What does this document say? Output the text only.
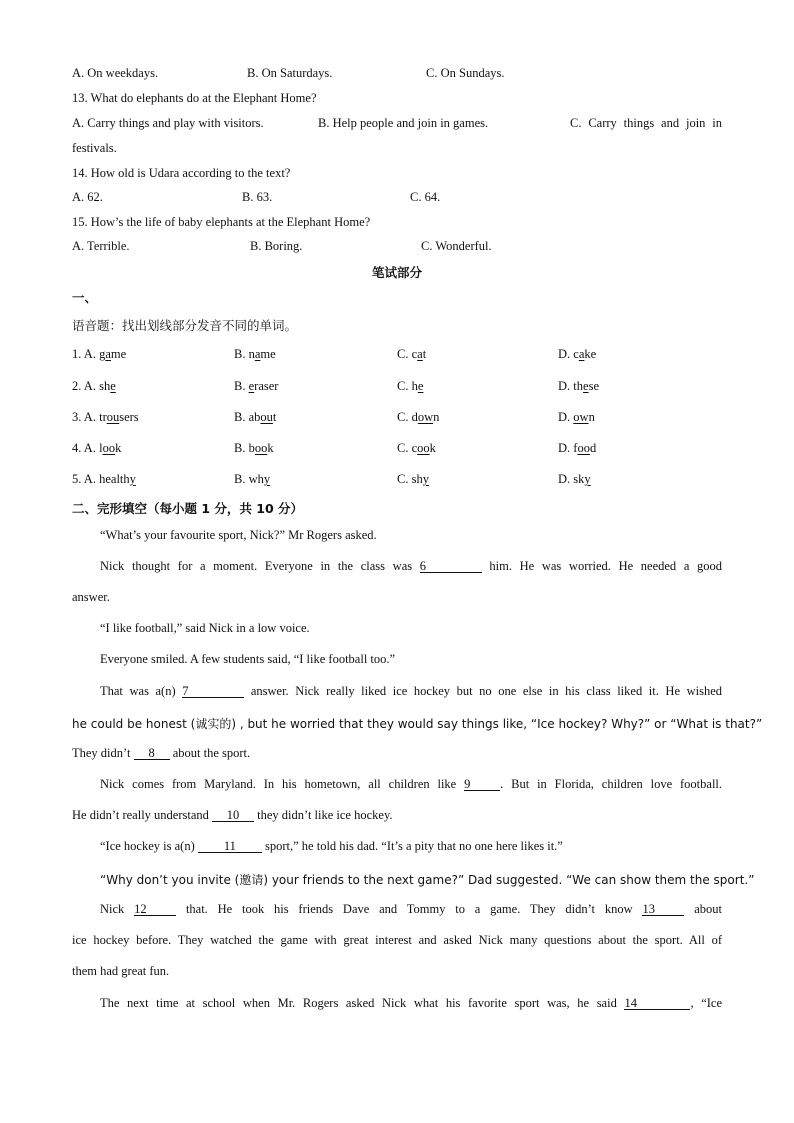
A. On weekdays.	B. On Saturdays.	C. On Sundays.
13. What do elephants do at the Elephant Home?
A. Carry things and play with visitors.	B. Help people and join in games.	C. Carry things and join in
festivals.
14. How old is Udara according to the text?
A. 62.	B. 63.	C. 64.
15. How’s the life of baby elephants at the Elephant Home?
A. Terrible.	B. Boring.	C. Wonderful.
笔试部分
一、
语音题：找出划线部分发音不同的单词。
1. A. game	B. name	C. cat	D. cake
2. A. she	B. eraser	C. he	D. these
3. A. trousers	B. about	C. down	D. own
4. A. look	B. book	C. cook	D. food
5. A. healthy	B. why	C. shy	D. sky
二、完形填空（每小题 1 分，共 10 分）
“What’s your favourite sport, Nick?” Mr Rogers asked.
Nick thought for a moment. Everyone in the class was 6	him. He was worried. He needed a good
answer.
“I like football,” said Nick in a low voice.
Everyone smiled. A few students said, “I like football too.”
That was a(n) 7	answer. Nick really liked ice hockey but no one else in his class liked it. He wished
he could be honest (诚实的) , but he worried that they would say things like, “Ice hockey? Why?” or “What is that?”
They didn’t 8 about the sport.
Nick comes from Maryland. In his hometown, all children like 9 . But in Florida, children love football.
He didn’t really understand 10 they didn’t like ice hockey.
“Ice hockey is a(n) 11 sport,” he told his dad. “It’s a pity that no one here likes it.”
“Why don’t you invite (邀请) your friends to the next game?” Dad suggested. “We can show them the sport.”
Nick 12	that. He took his friends Dave and Tommy to a game. They didn’t know 13	about
ice hockey before. They watched the game with great interest and asked Nick many questions about the sport. All of
them had great fun.
The next time at school when Mr. Rogers asked Nick what his favorite sport was, he said 14	, “Ice
